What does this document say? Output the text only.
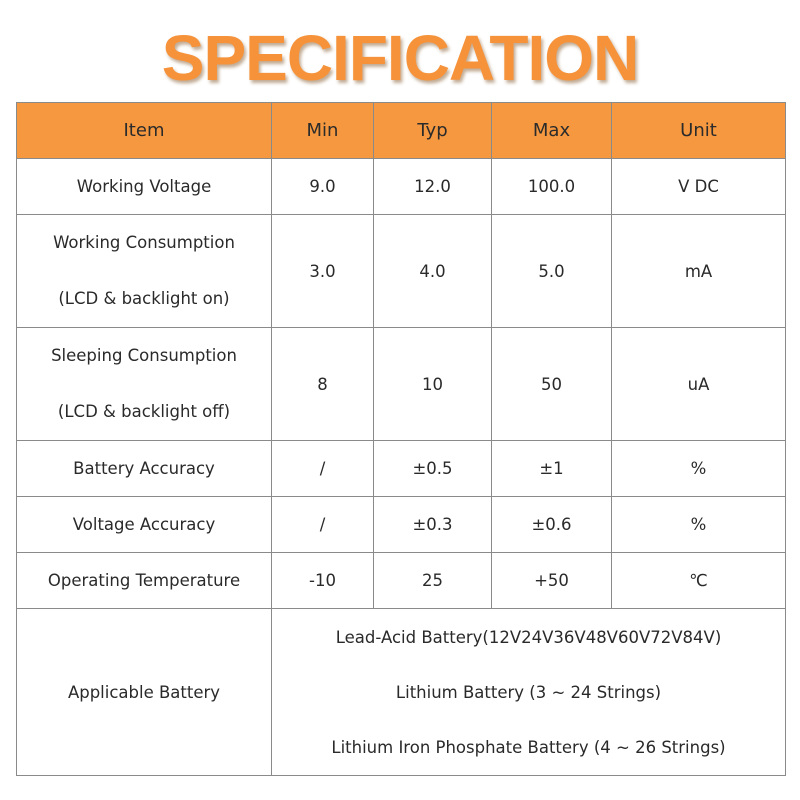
SPECIFICATION
Item	Min	Typ	Max	Unit
Working Voltage	9.0	12.0	100.0	V DC

Working Consumption
(LCD & backlight on)	3.0	4.0	5.0	mA

Sleeping Consumption
(LCD & backlight off)	8	10	50	uA
Battery Accuracy	/	±0.5	±1	%
Voltage Accuracy	/	±0.3	±0.6	%
Operating Temperature	-10	25	+50	℃
Applicable Battery	Lead-Acid Battery(12V24V36V48V60V72V84V)
Lithium Battery (3 ~ 24 Strings)
Lithium Iron Phosphate Battery (4 ~ 26 Strings)			
